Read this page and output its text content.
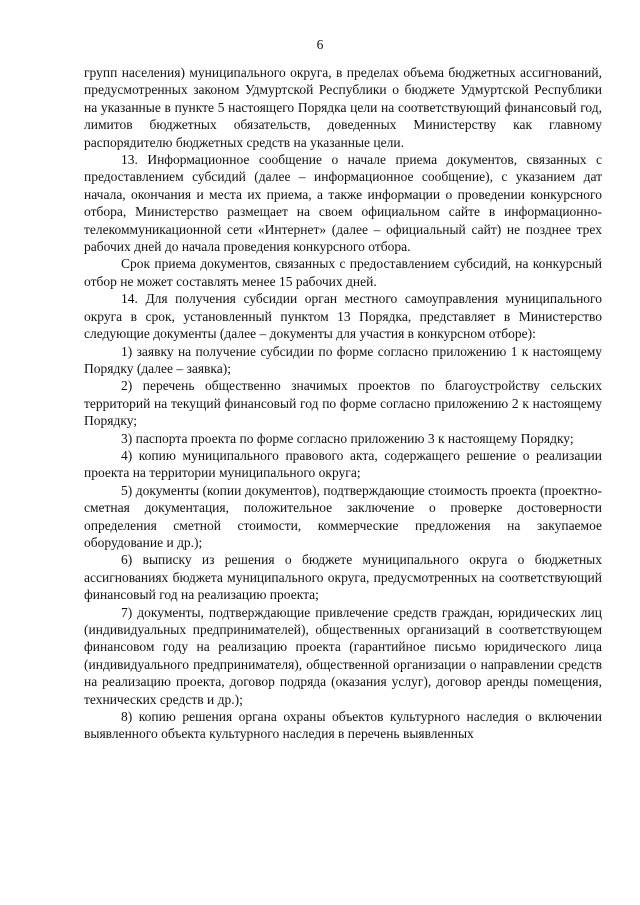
6

групп населения) муниципального округа, в пределах объема бюджетных ассигнований, предусмотренных законом Удмуртской Республики о бюджете Удмуртской Республики на указанные в пункте 5 настоящего Порядка цели на соответствующий финансовый год, лимитов бюджетных обязательств, доведенных Министерству как главному распорядителю бюджетных средств на указанные цели.

13. Информационное сообщение о начале приема документов, связанных с предоставлением субсидий (далее – информационное сообщение), с указанием дат начала, окончания и места их приема, а также информации о проведении конкурсного отбора, Министерство размещает на своем официальном сайте в информационно-телекоммуникационной сети «Интернет» (далее – официальный сайт) не позднее трех рабочих дней до начала проведения конкурсного отбора.

Срок приема документов, связанных с предоставлением субсидий, на конкурсный отбор не может составлять менее 15 рабочих дней.

14. Для получения субсидии орган местного самоуправления муниципального округа в срок, установленный пунктом 13 Порядка, представляет в Министерство следующие документы (далее – документы для участия в конкурсном отборе):

1) заявку на получение субсидии по форме согласно приложению 1 к настоящему Порядку (далее – заявка);

2) перечень общественно значимых проектов по благоустройству сельских территорий на текущий финансовый год по форме согласно приложению 2 к настоящему Порядку;

3) паспорта проекта по форме согласно приложению 3 к настоящему Порядку;

4) копию муниципального правового акта, содержащего решение о реализации проекта на территории муниципального округа;

5) документы (копии документов), подтверждающие стоимость проекта (проектно-сметная документация, положительное заключение о проверке достоверности определения сметной стоимости, коммерческие предложения на закупаемое оборудование и др.);

6) выписку из решения о бюджете муниципального округа о бюджетных ассигнованиях бюджета муниципального округа, предусмотренных на соответствующий финансовый год на реализацию проекта;

7) документы, подтверждающие привлечение средств граждан, юридических лиц (индивидуальных предпринимателей), общественных организаций в соответствующем финансовом году на реализацию проекта (гарантийное письмо юридического лица (индивидуального предпринимателя), общественной организации о направлении средств на реализацию проекта, договор подряда (оказания услуг), договор аренды помещения, технических средств и др.);

8) копию решения органа охраны объектов культурного наследия о включении выявленного объекта культурного наследия в перечень выявленных
